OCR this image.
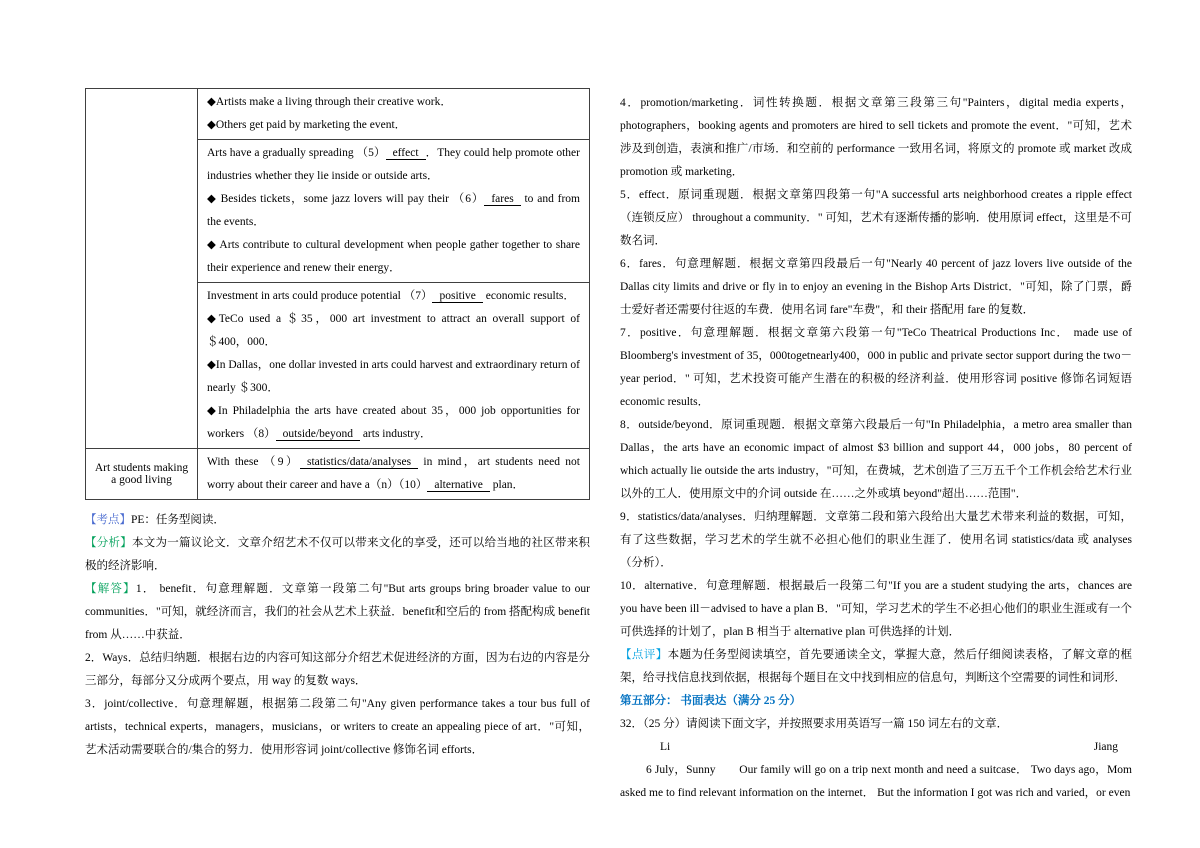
	◆Artists make a living through their creative work．

◆Others get paid by marketing the event．

	Arts have a gradually spreading （5） effect ．They could help promote other industries whether they lie inside or outside arts．

◆ Besides tickets，some jazz lovers will pay their （6） fares to and from the events．

◆ Arts contribute to cultural development when people gather together to share their experience and renew their energy．

	Investment in arts could produce potential （7） positive economic results．

◆TeCo used a ＄35，000 art investment to attract an overall support of ＄400，000．

◆In Dallas，one dollar invested in arts could harvest and extraordinary return of nearly ＄300．

◆In Philadelphia the arts have created about 35，000 job opportunities for workers （8） outside/beyond arts industry．

Art students making a good living	With these （9） statistics/data/analyses in mind，art students need not worry about their career and have a（n）（10） alternative plan．

【考点】PE：任务型阅读．

【分析】本文为一篇议论文．文章介绍艺术不仅可以带来文化的享受，还可以给当地的社区带来积极的经济影响．

【解答】1． benefit．句意理解题．文章第一段第二句"But arts groups bring broader value to our communities．"可知，就经济而言，我们的社会从艺术上获益．benefit和空后的 from 搭配构成 benefit from 从……中获益．

2．Ways．总结归纳题．根据右边的内容可知这部分介绍艺术促进经济的方面，因为右边的内容是分三部分，每部分又分成两个要点，用 way 的复数 ways．

3．joint/collective．句意理解题，根据第二段第二句"Any given performance takes a tour bus full of artists，technical experts，managers，musicians，or writers to create an appealing piece of art．"可知，艺术活动需要联合的/集合的努力．使用形容词 joint/collective 修饰名词 efforts．

4．promotion/marketing．词性转换题．根据文章第三段第三句"Painters，digital media experts，photographers，booking agents and promoters are hired to sell tickets and promote the event．"可知，艺术涉及到创造，表演和推广/市场．和空前的 performance 一致用名词，将原文的 promote 或 market 改成 promotion 或 marketing．

5．effect．原词重现题．根据文章第四段第一句"A successful arts neighborhood creates a ripple effect （连锁反应） throughout a community．" 可知，艺术有逐渐传播的影响．使用原词 effect，这里是不可数名词．

6．fares．句意理解题．根据文章第四段最后一句"Nearly 40 percent of jazz lovers live outside of the Dallas city limits and drive or fly in to enjoy an evening in the Bishop Arts District．"可知，除了门票，爵士爱好者还需要付往返的车费．使用名词 fare"车费"，和 their 搭配用 fare 的复数．

7．positive．句意理解题．根据文章第六段第一句"TeCo Theatrical Productions Inc． made use of Bloomberg's investment of 35，000togetnearly400，000 in public and private sector support during the two－year period．" 可知，艺术投资可能产生潜在的积极的经济利益．使用形容词 positive 修饰名词短语 economic results．

8．outside/beyond．原词重现题．根据文章第六段最后一句"In Philadelphia，a metro area smaller than Dallas，the arts have an economic impact of almost $3 billion and support 44，000 jobs，80 percent of which actually lie outside the arts industry，"可知，在费城，艺术创造了三万五千个工作机会给艺术行业以外的工人．使用原文中的介词 outside 在……之外或填 beyond"超出……范围"．

9．statistics/data/analyses．归纳理解题．文章第二段和第六段给出大量艺术带来利益的数据，可知，有了这些数据，学习艺术的学生就不必担心他们的职业生涯了．使用名词 statistics/data 或 analyses（分析）．

10．alternative．句意理解题．根据最后一段第二句"If you are a student studying the arts，chances are you have been ill－advised to have a plan B．"可知，学习艺术的学生不必担心他们的职业生涯或有一个可供选择的计划了，plan B 相当于 alternative plan 可供选择的计划．

【点评】本题为任务型阅读填空，首先要通读全文，掌握大意，然后仔细阅读表格，了解文章的框架，给寻找信息找到依据，根据每个题目在文中找到相应的信息句，判断这个空需要的词性和词形．

第五部分： 书面表达（满分 25 分）

32．（25 分）请阅读下面文字，并按照要求用英语写一篇 150 词左右的文章．

Li	Jiang

6 July，Sunny　　Our family will go on a trip next month and need a suitcase． Two days ago，Mom asked me to find relevant information on the internet． But the information I got was rich and varied，or even
